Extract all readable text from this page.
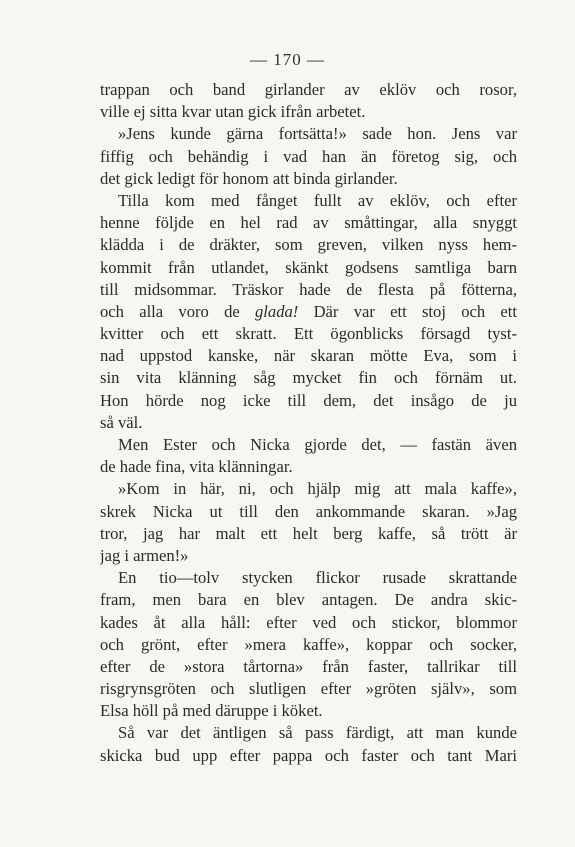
— 170 —
trappan och band girlander av eklöv och rosor,
ville ej sitta kvar utan gick ifrån arbetet.
»Jens kunde gärna fortsätta!» sade hon. Jens var
fiffig och behändig i vad han än företog sig, och
det gick ledigt för honom att binda girlander.
Tilla kom med fånget fullt av eklöv, och efter
henne följde en hel rad av småttingar, alla snyggt
klädda i de dräkter, som greven, vilken nyss hem-
kommit från utlandet, skänkt godsens samtliga barn
till midsommar. Träskor hade de flesta på fötterna,
och alla voro de glada! Där var ett stoj och ett
kvitter och ett skratt. Ett ögonblicks försagd tyst-
nad uppstod kanske, när skaran mötte Eva, som i
sin vita klänning såg mycket fin och förnäm ut.
Hon hörde nog icke till dem, det insågo de ju
så väl.
Men Ester och Nicka gjorde det, — fastän även
de hade fina, vita klänningar.
»Kom in här, ni, och hjälp mig att mala kaffe»,
skrek Nicka ut till den ankommande skaran. »Jag
tror, jag har malt ett helt berg kaffe, så trött är
jag i armen!»
En tio—tolv stycken flickor rusade skrattande
fram, men bara en blev antagen. De andra skic-
kades åt alla håll: efter ved och stickor, blommor
och grönt, efter »mera kaffe», koppar och socker,
efter de »stora tårtorna» från faster, tallrikar till
risgrynsgröten och slutligen efter »gröten själv», som
Elsa höll på med däruppe i köket.
Så var det äntligen så pass färdigt, att man kunde
skicka bud upp efter pappa och faster och tant Mari
